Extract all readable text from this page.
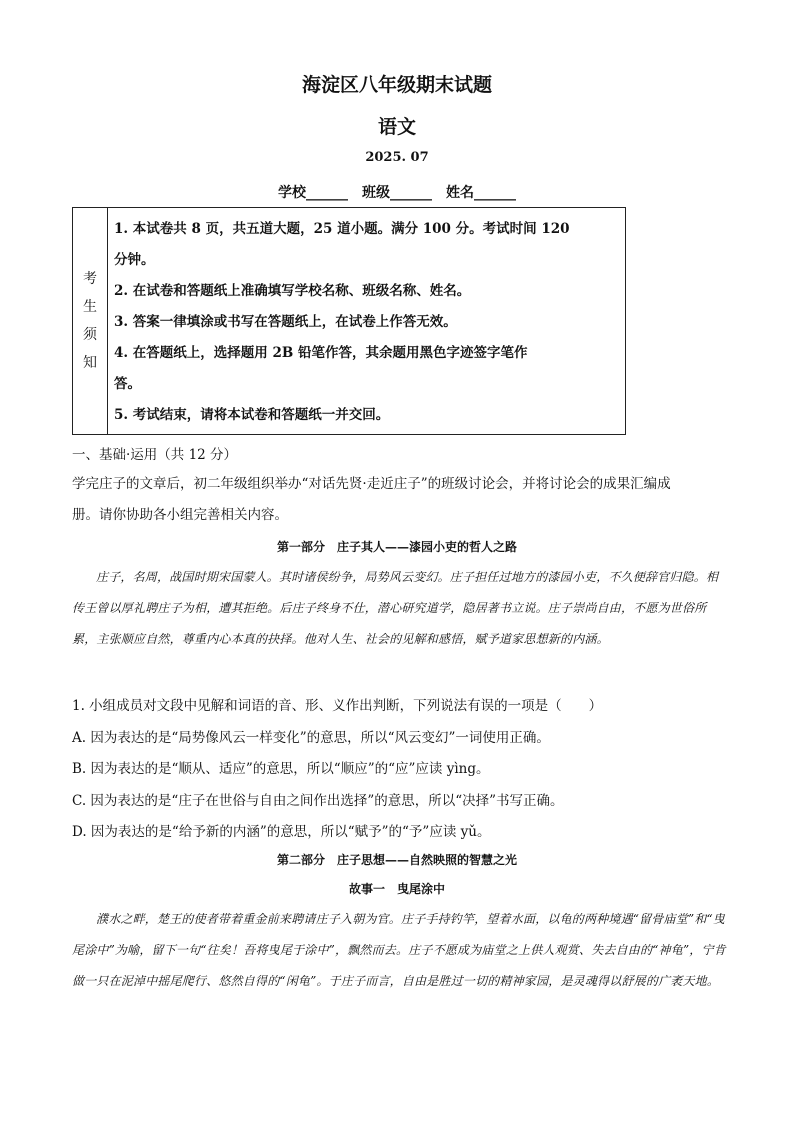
海淀区八年级期末试题
语文
2025. 07
学校______　班级______　姓名______
考
生
须
知
1. 本试卷共 8 页，共五道大题，25 道小题。满分 100 分。考试时间 120
分钟。
2. 在试卷和答题纸上准确填写学校名称、班级名称、姓名。
3. 答案一律填涂或书写在答题纸上，在试卷上作答无效。
4. 在答题纸上，选择题用 2B 铅笔作答，其余题用黑色字迹签字笔作
答。
5. 考试结束，请将本试卷和答题纸一并交回。
一、基础·运用（共 12 分）
学完庄子的文章后，初二年级组织举办“对话先贤·走近庄子”的班级讨论会，并将讨论会的成果汇编成
册。请你协助各小组完善相关内容。
第一部分　庄子其人——漆园小吏的哲人之路
庄子，名周，战国时期宋国蒙人。其时诸侯纷争，局势风云变幻。庄子担任过地方的漆园小吏，不久便辞官归隐。相传王曾以厚礼聘庄子为相，遭其拒绝。后庄子终身不仕，潜心研究道学，隐居著书立说。庄子崇尚自由，不愿为世俗所累，主张顺应自然，尊重内心本真的抉择。他对人生、社会的见解和感悟，赋予道家思想新的内涵。
1. 小组成员对文段中见解和词语的音、形、义作出判断，下列说法有误的一项是（　　）
A. 因为表达的是“局势像风云一样变化”的意思，所以“风云变幻”一词使用正确。
B. 因为表达的是“顺从、适应”的意思，所以“顺应”的“应”应读 yìng。
C. 因为表达的是“庄子在世俗与自由之间作出选择”的意思，所以“决择”书写正确。
D. 因为表达的是“给予新的内涵”的意思，所以“赋予”的“予”应读 yǔ。
第二部分　庄子思想——自然映照的智慧之光
故事一　曳尾涂中
濮水之畔，楚王的使者带着重金前来聘请庄子入朝为官。庄子手持钓竿，望着水面，以龟的两种境遇“留骨庙堂”和“曳尾涂中”为喻，留下一句“往矣！吾将曳尾于涂中”，飘然而去。庄子不愿成为庙堂之上供人观赏、失去自由的“神龟”，宁肯做一只在泥淖中摇尾爬行、悠然自得的“闲龟”。于庄子而言，自由是胜过一切的精神家园，是灵魂得以舒展的广袤天地。
